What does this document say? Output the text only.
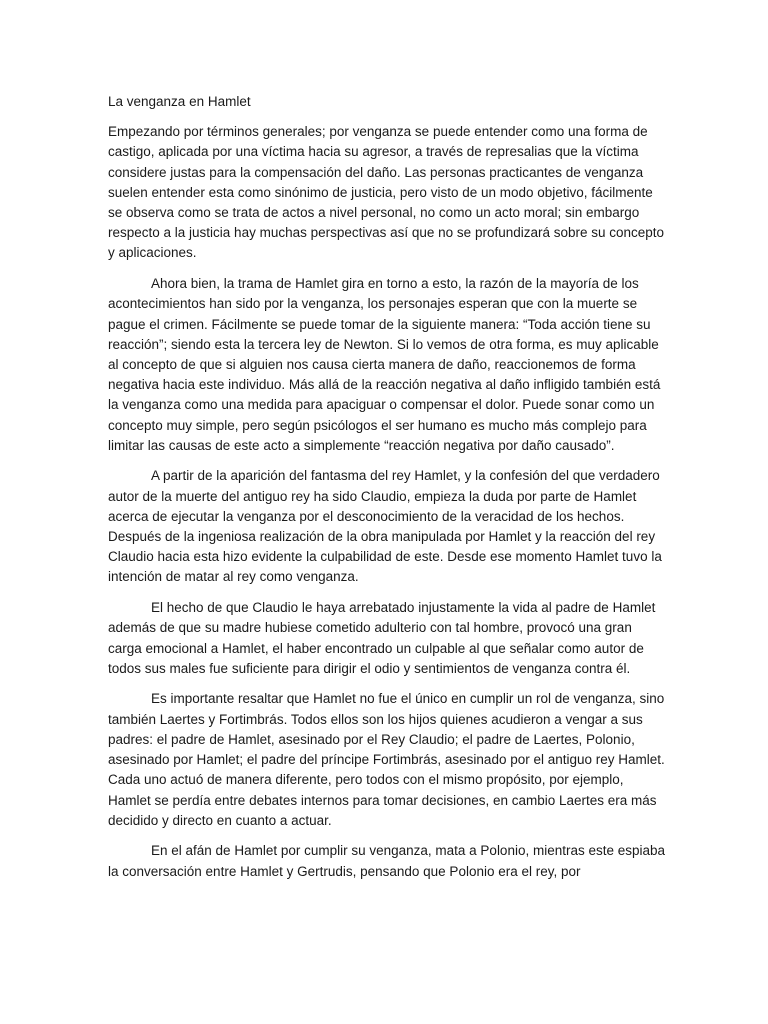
La venganza en Hamlet

Empezando por términos generales; por venganza se puede entender como una forma de castigo, aplicada por una víctima hacia su agresor, a través de represalias que la víctima considere justas para la compensación del daño. Las personas practicantes de venganza suelen entender esta como sinónimo de justicia, pero visto de un modo objetivo, fácilmente se observa como se trata de actos a nivel personal, no como un acto moral; sin embargo respecto a la justicia hay muchas perspectivas así que no se profundizará sobre su concepto y aplicaciones.

Ahora bien, la trama de Hamlet gira en torno a esto, la razón de la mayoría de los acontecimientos han sido por la venganza, los personajes esperan que con la muerte se pague el crimen. Fácilmente se puede tomar de la siguiente manera: “Toda acción tiene su reacción”; siendo esta la tercera ley de Newton. Si lo vemos de otra forma, es muy aplicable al concepto de que si alguien nos causa cierta manera de daño, reaccionemos de forma negativa hacia este individuo. Más allá de la reacción negativa al daño infligido también está la venganza como una medida para apaciguar o compensar el dolor. Puede sonar como un concepto muy simple, pero según psicólogos el ser humano es mucho más complejo para limitar las causas de este acto a simplemente “reacción negativa por daño causado”.

A partir de la aparición del fantasma del rey Hamlet, y la confesión del que verdadero autor de la muerte del antiguo rey ha sido Claudio, empieza la duda por parte de Hamlet acerca de ejecutar la venganza por el desconocimiento de la veracidad de los hechos. Después de la ingeniosa realización de la obra manipulada por Hamlet y la reacción del rey Claudio hacia esta hizo evidente la culpabilidad de este. Desde ese momento Hamlet tuvo la intención de matar al rey como venganza.

El hecho de que Claudio le haya arrebatado injustamente la vida al padre de Hamlet además de que su madre hubiese cometido adulterio con tal hombre, provocó una gran carga emocional a Hamlet, el haber encontrado un culpable al que señalar como autor de todos sus males fue suficiente para dirigir el odio y sentimientos de venganza contra él.

Es importante resaltar que Hamlet no fue el único en cumplir un rol de venganza, sino también Laertes y Fortimbrás. Todos ellos son los hijos quienes acudieron a vengar a sus padres: el padre de Hamlet, asesinado por el Rey Claudio; el padre de Laertes, Polonio, asesinado por Hamlet; el padre del príncipe Fortimbrás, asesinado por el antiguo rey Hamlet. Cada uno actuó de manera diferente, pero todos con el mismo propósito, por ejemplo, Hamlet se perdía entre debates internos para tomar decisiones, en cambio Laertes era más decidido y directo en cuanto a actuar.

En el afán de Hamlet por cumplir su venganza, mata a Polonio, mientras este espiaba la conversación entre Hamlet y Gertrudis, pensando que Polonio era el rey, por
